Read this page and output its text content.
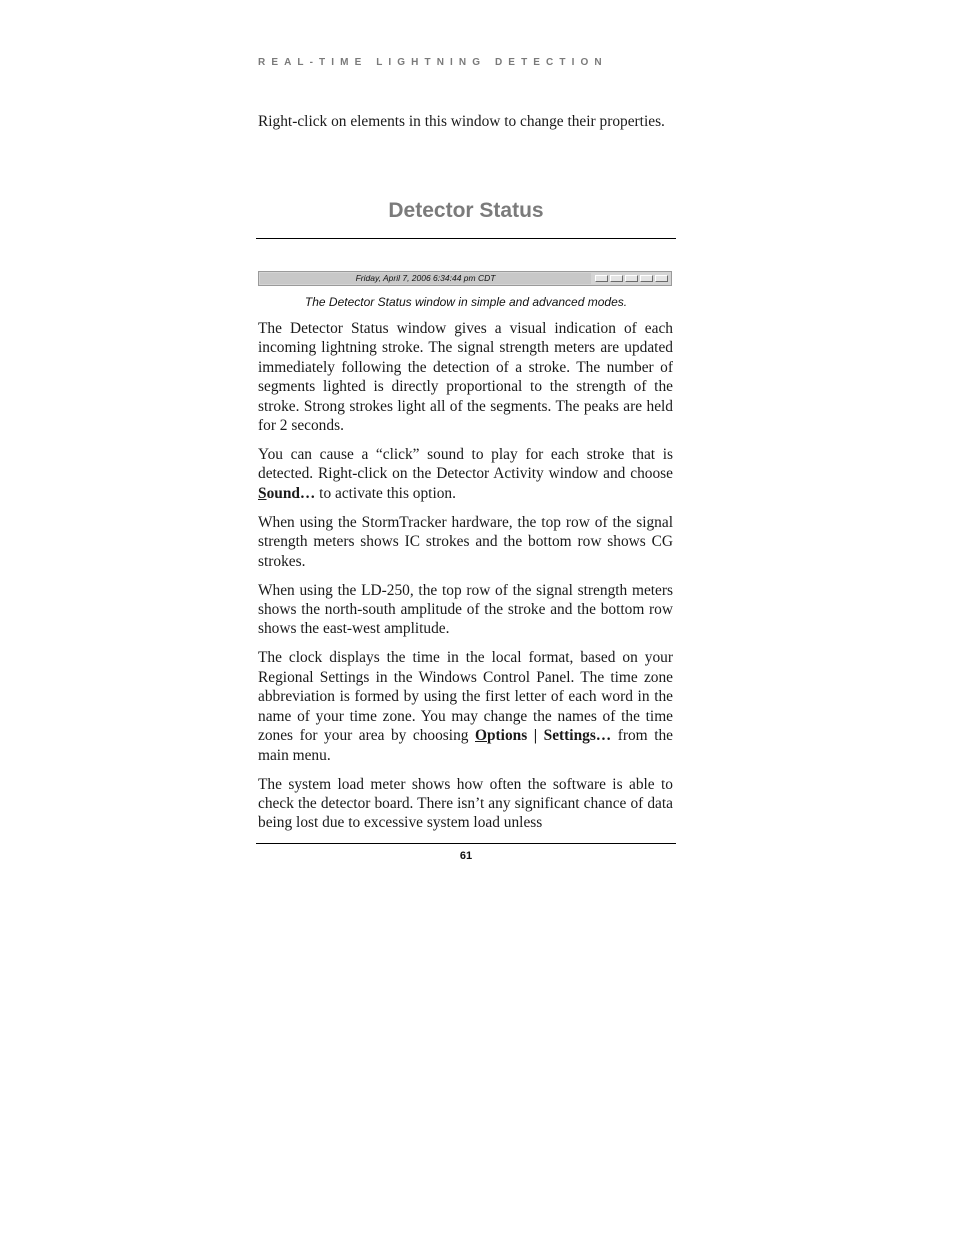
REAL-TIME LIGHTNING DETECTION

Right-click on elements in this window to change their properties.

Detector Status
Friday, April 7, 2006 6:34:44 pm CDT
The Detector Status window in simple and advanced modes.

The Detector Status window gives a visual indication of each incoming lightning stroke. The signal strength meters are updated immediately following the detection of a stroke. The number of segments lighted is directly proportional to the strength of the stroke. Strong strokes light all of the segments. The peaks are held for 2 seconds.

You can cause a “click” sound to play for each stroke that is detected. Right-click on the Detector Activity window and choose Sound… to activate this option.

When using the StormTracker hardware, the top row of the signal strength meters shows IC strokes and the bottom row shows CG strokes.

When using the LD-250, the top row of the signal strength meters shows the north-south amplitude of the stroke and the bottom row shows the east-west amplitude.

The clock displays the time in the local format, based on your Regional Settings in the Windows Control Panel. The time zone abbreviation is formed by using the first letter of each word in the name of your time zone. You may change the names of the time zones for your area by choosing Options | Settings… from the main menu.

The system load meter shows how often the software is able to check the detector board. There isn’t any significant chance of data being lost due to excessive system load unless

61
